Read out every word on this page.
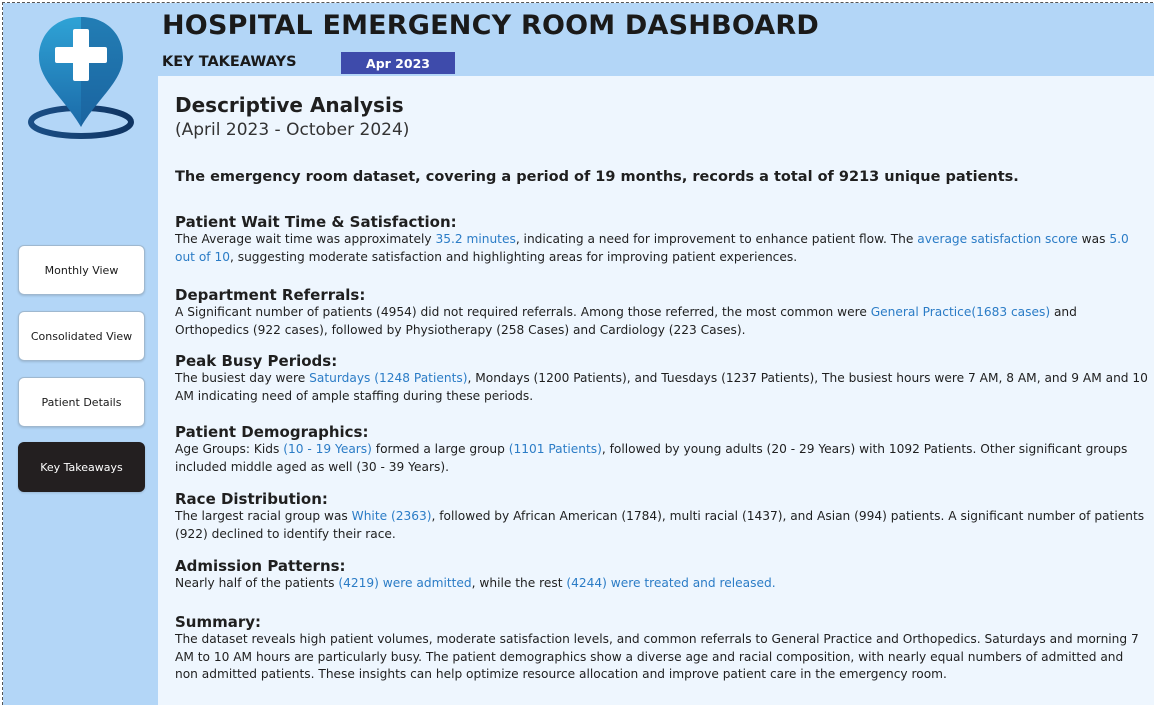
HOSPITAL EMERGENCY ROOM DASHBOARD
KEY TAKEAWAYS	Apr 2023
Monthly View
Consolidated View
Patient Details
Key Takeaways

Descriptive Analysis

(April 2023 - October 2024)

The emergency room dataset, covering a period of 19 months, records a total of 9213 unique patients.

Patient Wait Time & Satisfaction:

The Average wait time was approximately 35.2 minutes, indicating a need for improvement to enhance patient flow. The average satisfaction score was 5.0 out of 10, suggesting moderate satisfaction and highlighting areas for improving patient experiences.

Department Referrals:

A Significant number of patients (4954) did not required referrals. Among those referred, the most common were General Practice(1683 cases) and Orthopedics (922 cases), followed by Physiotherapy (258 Cases) and Cardiology (223 Cases).

Peak Busy Periods:

The busiest day were Saturdays (1248 Patients), Mondays (1200 Patients), and Tuesdays (1237 Patients), The busiest hours were 7 AM, 8 AM, and 9 AM and 10 AM indicating need of ample staffing during these periods.

Patient Demographics:

Age Groups: Kids (10 - 19 Years) formed a large group (1101 Patients), followed by young adults (20 - 29 Years) with 1092 Patients. Other significant groups included middle aged as well (30 - 39 Years).

Race Distribution:

The largest racial group was White (2363), followed by African American (1784), multi racial (1437), and Asian (994) patients. A significant number of patients (922) declined to identify their race.

Admission Patterns:

Nearly half of the patients (4219) were admitted, while the rest (4244) were treated and released.

Summary:

The dataset reveals high patient volumes, moderate satisfaction levels, and common referrals to General Practice and Orthopedics. Saturdays and morning 7 AM to 10 AM hours are particularly busy. The patient demographics show a diverse age and racial composition, with nearly equal numbers of admitted and non admitted patients. These insights can help optimize resource allocation and improve patient care in the emergency room.
